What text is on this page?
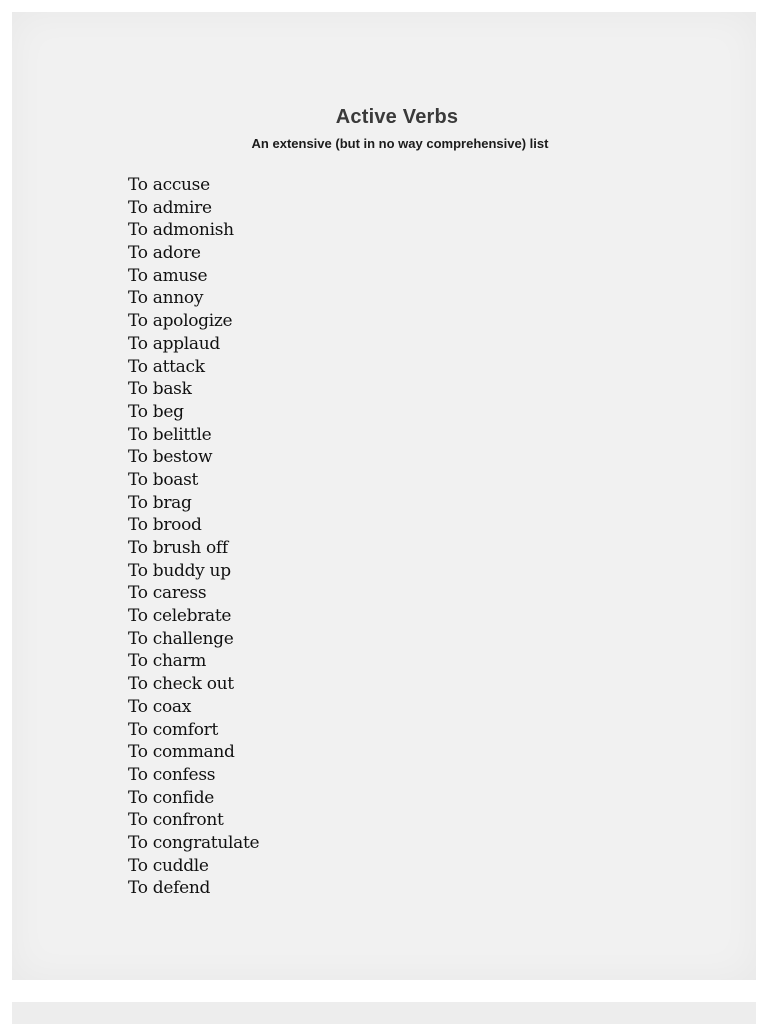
Active Verbs
An extensive (but in no way comprehensive) list
To accuse
To admire
To admonish
To adore
To amuse
To annoy
To apologize
To applaud
To attack
To bask
To beg
To belittle
To bestow
To boast
To brag
To brood
To brush off
To buddy up
To caress
To celebrate
To challenge
To charm
To check out
To coax
To comfort
To command
To confess
To confide
To confront
To congratulate
To cuddle
To defend
